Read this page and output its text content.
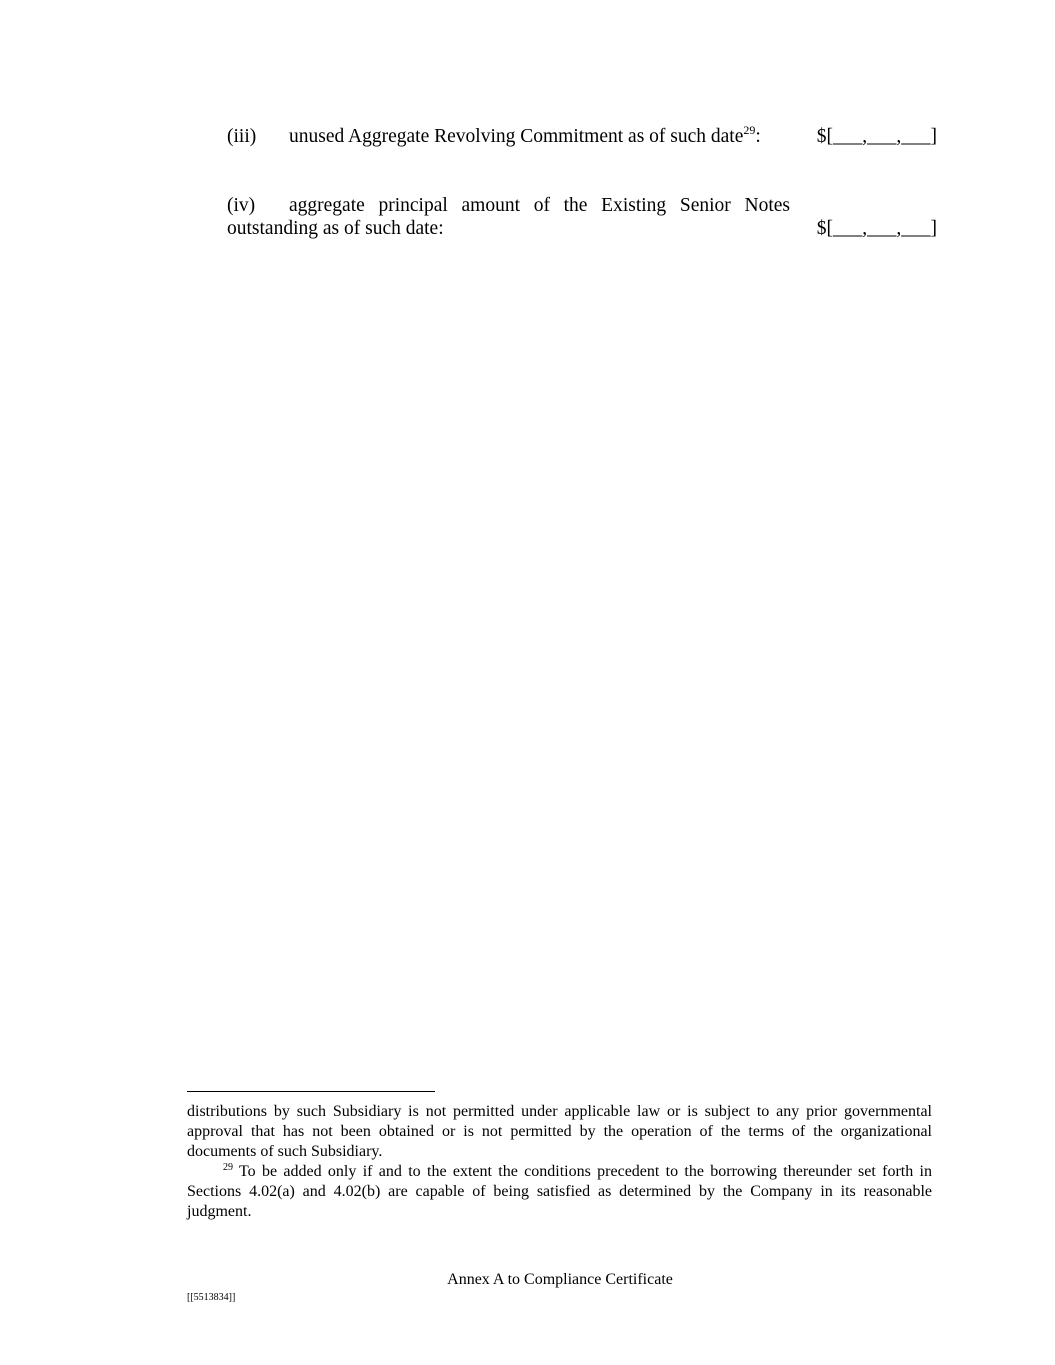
(iii) unused Aggregate Revolving Commitment as of such date$^{29}$:	$[___,___,___]
(iv) aggregate principal amount of the Existing Senior Notes outstanding as of such date:	$[___,___,___]

distributions by such Subsidiary is not permitted under applicable law or is subject to any prior governmental approval that has not been obtained or is not permitted by the operation of the terms of the organizational documents of such Subsidiary.

$^{29}$ To be added only if and to the extent the conditions precedent to the borrowing thereunder set forth in Sections 4.02(a) and 4.02(b) are capable of being satisfied as determined by the Company in its reasonable judgment.

Annex A to Compliance Certificate
[[5513834]]
